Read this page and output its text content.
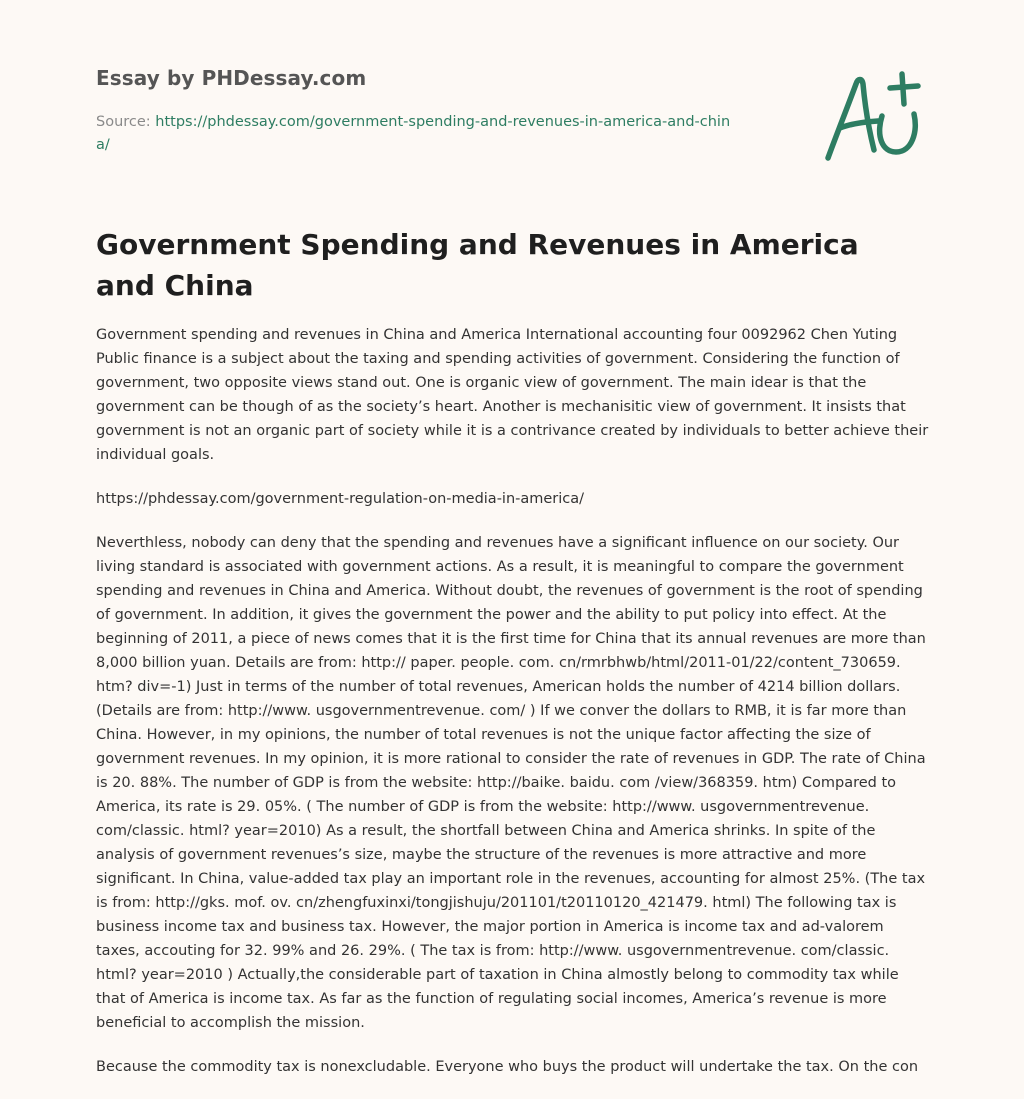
Essay by PHDessay.com
Source: https://phdessay.com/government-spending-and-revenues-in-america-and-china/
Government Spending and Revenues in America and China

Government spending and revenues in China and America International accounting four 0092962 Chen Yuting Public finance is a subject about the taxing and spending activities of government. Considering the function of government, two opposite views stand out. One is organic view of government. The main idear is that the government can be though of as the society’s heart. Another is mechanisitic view of government. It insists that government is not an organic part of society while it is a contrivance created by individuals to better achieve their individual goals.

https://phdessay.com/government-regulation-on-media-in-america/

Neverthless, nobody can deny that the spending and revenues have a significant influence on our society. Our living standard is associated with government actions. As a result, it is meaningful to compare the government spending and revenues in China and America. Without doubt, the revenues of government is the root of spending of government. In addition, it gives the government the power and the ability to put policy into effect. At the beginning of 2011, a piece of news comes that it is the first time for China that its annual revenues are more than 8,000 billion yuan. Details are from: http:// paper. people. com. cn/rmrbhwb/html/2011-01/22/content_730659. htm? div=-1) Just in terms of the number of total revenues, American holds the number of 4214 billion dollars. (Details are from: http://www. usgovernmentrevenue. com/ ) If we conver the dollars to RMB, it is far more than China. However, in my opinions, the number of total revenues is not the unique factor affecting the size of government revenues. In my opinion, it is more rational to consider the rate of revenues in GDP. The rate of China is 20. 88%. The number of GDP is from the website: http://baike. baidu. com /view/368359. htm) Compared to America, its rate is 29. 05%. ( The number of GDP is from the website: http://www. usgovernmentrevenue. com/classic. html? year=2010) As a result, the shortfall between China and America shrinks. In spite of the analysis of government revenues’s size, maybe the structure of the revenues is more attractive and more significant. In China, value-added tax play an important role in the revenues, accounting for almost 25%. (The tax is from: http://gks. mof. ov. cn/zhengfuxinxi/tongjishuju/201101/t20110120_421479. html) The following tax is business income tax and business tax. However, the major portion in America is income tax and ad-valorem taxes, accouting for 32. 99% and 26. 29%. ( The tax is from: http://www. usgovernmentrevenue. com/classic. html? year=2010 ) Actually,the considerable part of taxation in China almostly belong to commodity tax while that of America is income tax. As far as the function of regulating social incomes, America’s revenue is more beneficial to accomplish the mission.

Because the commodity tax is nonexcludable. Everyone who buys the product will undertake the tax. On the con
